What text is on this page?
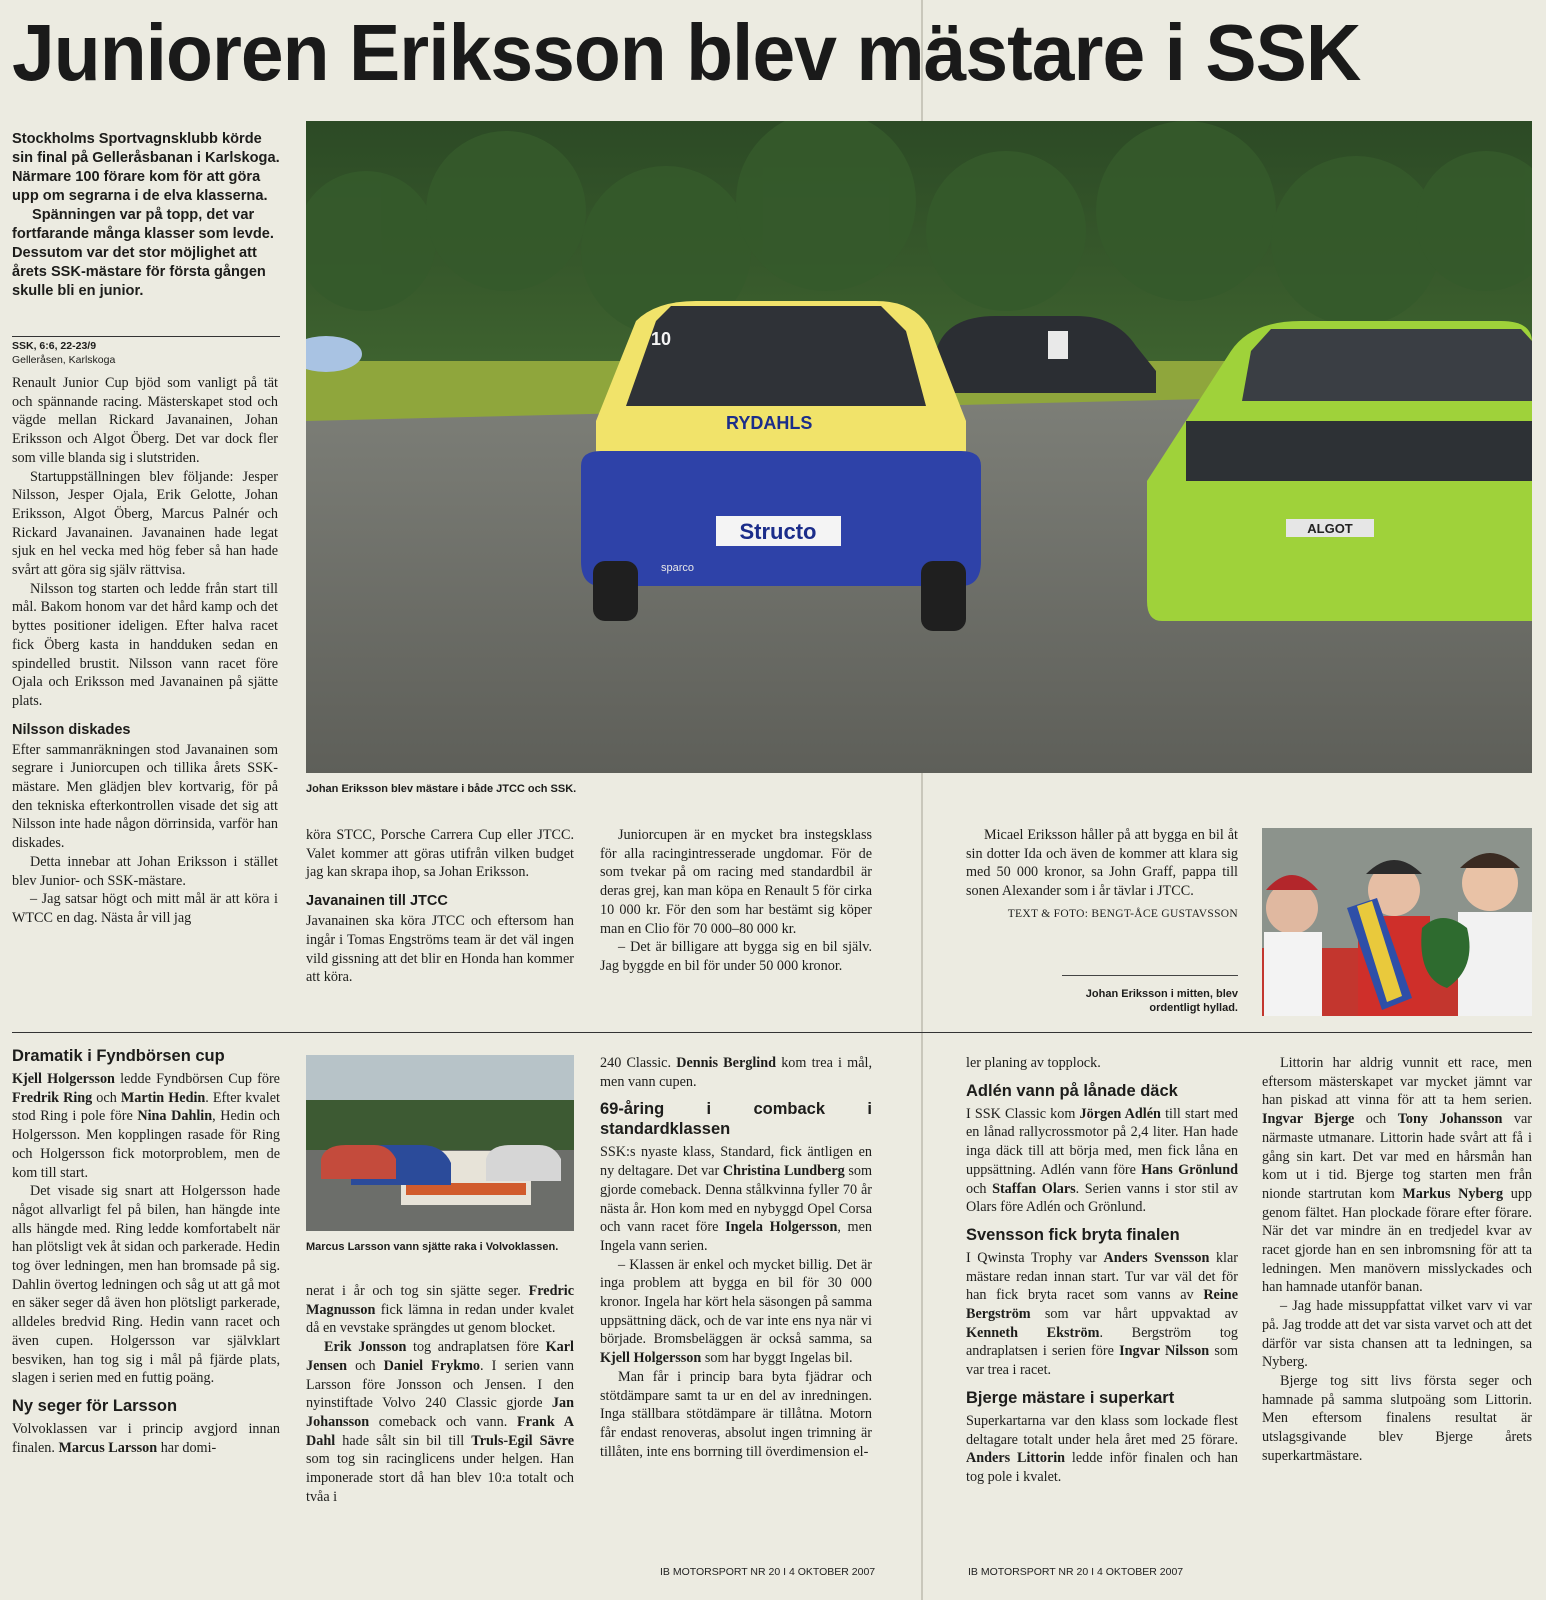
Junioren Eriksson blev mästare i SSK

Stockholms Sportvagnsklubb körde sin final på Gelleråsbanan i Karlskoga. Närmare 100 förare kom för att göra upp om segrarna i de elva klasserna.

Spänningen var på topp, det var fortfarande många klasser som levde. Dessutom var det stor möjlighet att årets SSK-mästare för första gången skulle bli en junior.

SSK, 6:6, 22-23/9
Gelleråsen, Karlskoga

Renault Junior Cup bjöd som vanligt på tät och spännande racing. Mästerskapet stod och vägde mellan Rickard Javanainen, Johan Eriksson och Algot Öberg. Det var dock fler som ville blanda sig i slutstriden.

Startuppställningen blev följande: Jesper Nilsson, Jesper Ojala, Erik Gelotte, Johan Eriksson, Algot Öberg, Marcus Palnér och Rickard Javanainen. Javanainen hade legat sjuk en hel vecka med hög feber så han hade svårt att göra sig själv rättvisa.

Nilsson tog starten och ledde från start till mål. Bakom honom var det hård kamp och det byttes positioner ideligen. Efter halva racet fick Öberg kasta in handduken sedan en spindelled brustit. Nilsson vann racet före Ojala och Eriksson med Javanainen på sjätte plats.

Nilsson diskades

Efter sammanräkningen stod Javanainen som segrare i Juniorcupen och tillika årets SSK-mästare. Men glädjen blev kortvarig, för på den tekniska efterkontrollen visade det sig att Nilsson inte hade någon dörrinsida, varför han diskades.

Detta innebar att Johan Eriksson i stället blev Junior- och SSK-mästare.

– Jag satsar högt och mitt mål är att köra i WTCC en dag. Nästa år vill jag

Structo
10
RYDAHLS
sparco
ALGOT
Johan Eriksson blev mästare i både JTCC och SSK.

köra STCC, Porsche Carrera Cup eller JTCC. Valet kommer att göras utifrån vilken budget jag kan skrapa ihop, sa Johan Eriksson.

Javanainen till JTCC

Javanainen ska köra JTCC och eftersom han ingår i Tomas Engströms team är det väl ingen vild gissning att det blir en Honda han kommer att köra.

Juniorcupen är en mycket bra instegsklass för alla racingintresserade ungdomar. För de som tvekar på om racing med standardbil är deras grej, kan man köpa en Renault 5 för cirka 10 000 kr. För den som har bestämt sig köper man en Clio för 70 000–80 000 kr.

– Det är billigare att bygga sig en bil själv. Jag byggde en bil för under 50 000 kronor.

Micael Eriksson håller på att bygga en bil åt sin dotter Ida och även de kommer att klara sig med 50 000 kronor, sa John Graff, pappa till sonen Alexander som i år tävlar i JTCC.

TEXT & FOTO: BENGT-ÅCE GUSTAVSSON
Johan Eriksson i mitten, blev ordentligt hyllad.
Dramatik i Fyndbörsen cup

Kjell Holgersson ledde Fyndbörsen Cup före Fredrik Ring och Martin Hedin. Efter kvalet stod Ring i pole före Nina Dahlin, Hedin och Holgersson. Men kopplingen rasade för Ring och Holgersson fick motorproblem, men de kom till start.

Det visade sig snart att Holgersson hade något allvarligt fel på bilen, han hängde inte alls hängde med. Ring ledde komfortabelt när han plötsligt vek åt sidan och parkerade. Hedin tog över ledningen, men han bromsade på sig. Dahlin övertog ledningen och såg ut att gå mot en säker seger då även hon plötsligt parkerade, alldeles bredvid Ring. Hedin vann racet och även cupen. Holgersson var självklart besviken, han tog sig i mål på fjärde plats, slagen i serien med en futtig poäng.

Ny seger för Larsson

Volvoklassen var i princip avgjord innan finalen. Marcus Larsson har domi-

Marcus Larsson vann sjätte raka i Volvoklassen.

nerat i år och tog sin sjätte seger. Fredric Magnusson fick lämna in redan under kvalet då en vevstake sprängdes ut genom blocket.

Erik Jonsson tog andraplatsen före Karl Jensen och Daniel Frykmo. I serien vann Larsson före Jonsson och Jensen. I den nyinstiftade Volvo 240 Classic gjorde Jan Johansson comeback och vann. Frank A Dahl hade sålt sin bil till Truls-Egil Sävre som tog sin racinglicens under helgen. Han imponerade stort då han blev 10:a totalt och tvåa i

240 Classic. Dennis Berglind kom trea i mål, men vann cupen.

69-åring i comback i standardklassen

SSK:s nyaste klass, Standard, fick äntligen en ny deltagare. Det var Christina Lundberg som gjorde comeback. Denna stålkvinna fyller 70 år nästa år. Hon kom med en nybyggd Opel Corsa och vann racet före Ingela Holgersson, men Ingela vann serien.

– Klassen är enkel och mycket billig. Det är inga problem att bygga en bil för 30 000 kronor. Ingela har kört hela säsongen på samma uppsättning däck, och de var inte ens nya när vi började. Bromsbeläggen är också samma, sa Kjell Holgersson som har byggt Ingelas bil.

Man får i princip bara byta fjädrar och stötdämpare samt ta ur en del av inredningen. Inga ställbara stötdämpare är tillåtna. Motorn får endast renoveras, absolut ingen trimning är tillåten, inte ens borrning till överdimension el-

ler planing av topplock.

Adlén vann på lånade däck

I SSK Classic kom Jörgen Adlén till start med en lånad rallycrossmotor på 2,4 liter. Han hade inga däck till att börja med, men fick låna en uppsättning. Adlén vann före Hans Grönlund och Staffan Olars. Serien vanns i stor stil av Olars före Adlén och Grönlund.

Svensson fick bryta finalen

I Qwinsta Trophy var Anders Svensson klar mästare redan innan start. Tur var väl det för han fick bryta racet som vanns av Reine Bergström som var hårt uppvaktad av Kenneth Ekström. Bergström tog andraplatsen i serien före Ingvar Nilsson som var trea i racet.

Bjerge mästare i superkart

Superkartarna var den klass som lockade flest deltagare totalt under hela året med 25 förare. Anders Littorin ledde inför finalen och han tog pole i kvalet.

Littorin har aldrig vunnit ett race, men eftersom mästerskapet var mycket jämnt var han piskad att vinna för att ta hem serien. Ingvar Bjerge och Tony Johansson var närmaste utmanare. Littorin hade svårt att få i gång sin kart. Det var med en hårsmån han kom ut i tid. Bjerge tog starten men från nionde startrutan kom Markus Nyberg upp genom fältet. Han plockade förare efter förare. När det var mindre än en tredjedel kvar av racet gjorde han en sen inbromsning för att ta ledningen. Men manövern misslyckades och han hamnade utanför banan.

– Jag hade missuppfattat vilket varv vi var på. Jag trodde att det var sista varvet och att det därför var sista chansen att ta ledningen, sa Nyberg.

Bjerge tog sitt livs första seger och hamnade på samma slutpoäng som Littorin. Men eftersom finalens resultat är utslagsgivande blev Bjerge årets superkartmästare.

IB MOTORSPORT NR 20 I 4 OKTOBER 2007	IB MOTORSPORT NR 20 I 4 OKTOBER 2007
